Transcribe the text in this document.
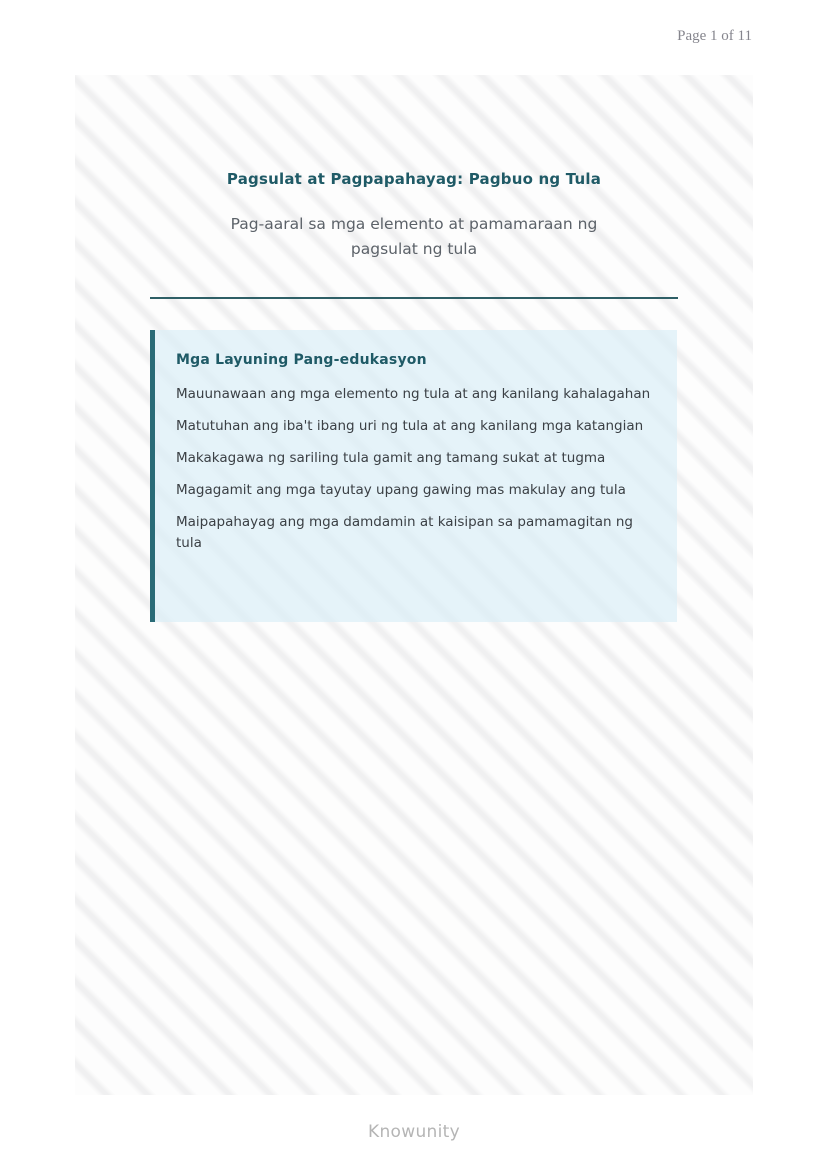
Page 1 of 11
Pagsulat at Pagpapahayag: Pagbuo ng Tula
Pag-aaral sa mga elemento at pamamaraan ng pagsulat ng tula
Mga Layuning Pang-edukasyon

Mauunawaan ang mga elemento ng tula at ang kanilang kahalagahan

Matutuhan ang iba't ibang uri ng tula at ang kanilang mga katangian

Makakagawa ng sariling tula gamit ang tamang sukat at tugma

Magagamit ang mga tayutay upang gawing mas makulay ang tula

Maipapahayag ang mga damdamin at kaisipan sa pamamagitan ng tula

Knowunity
